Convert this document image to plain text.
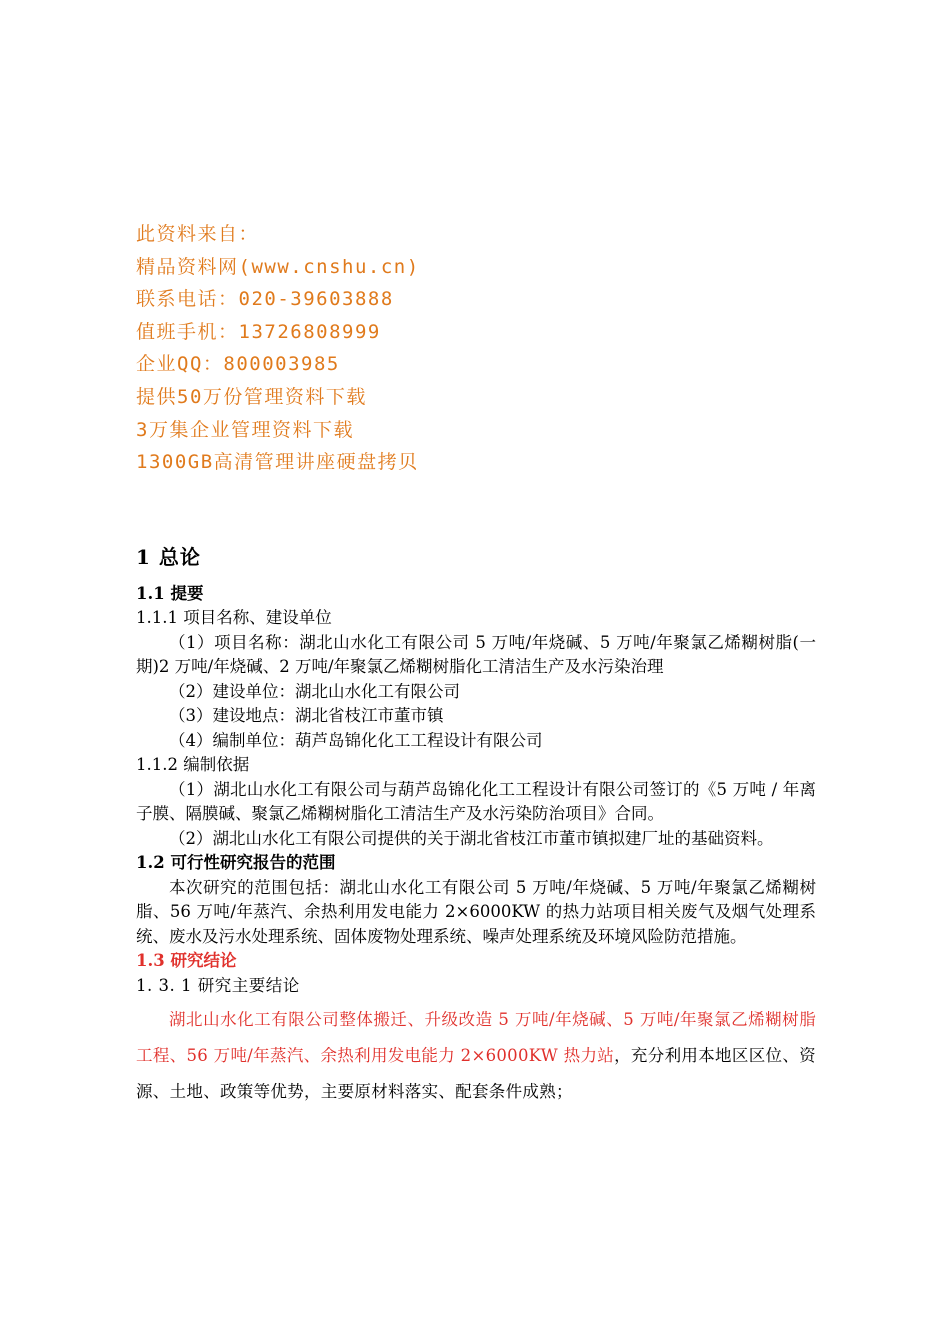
此资料来自：
精品资料网(www.cnshu.cn)
联系电话：020-39603888
值班手机：13726808999
企业QQ：800003985
提供50万份管理资料下载
3万集企业管理资料下载
1300GB高清管理讲座硬盘拷贝
1 总论
1.1 提要
1.1.1 项目名称、建设单位
（1）项目名称：湖北山水化工有限公司 5 万吨/年烧碱、5 万吨/年聚氯乙烯糊树脂(一期)2 万吨/年烧碱、2 万吨/年聚氯乙烯糊树脂化工清洁生产及水污染治理
（2）建设单位：湖北山水化工有限公司
（3）建设地点：湖北省枝江市董市镇
（4）编制单位：葫芦岛锦化化工工程设计有限公司
1.1.2 编制依据
（1）湖北山水化工有限公司与葫芦岛锦化化工工程设计有限公司签订的《5 万吨 / 年离子膜、隔膜碱、聚氯乙烯糊树脂化工清洁生产及水污染防治项目》合同。
（2）湖北山水化工有限公司提供的关于湖北省枝江市董市镇拟建厂址的基础资料。
1.2 可行性研究报告的范围
本次研究的范围包括：湖北山水化工有限公司 5 万吨/年烧碱、5 万吨/年聚氯乙烯糊树脂、56 万吨/年蒸汽、余热利用发电能力 2×6000KW 的热力站项目相关废气及烟气处理系统、废水及污水处理系统、固体废物处理系统、噪声处理系统及环境风险防范措施。
1.3 研究结论
1. 3. 1 研究主要结论
湖北山水化工有限公司整体搬迁、升级改造 5 万吨/年烧碱、5 万吨/年聚氯乙烯糊树脂工程、56 万吨/年蒸汽、余热利用发电能力 2×6000KW 热力站，充分利用本地区区位、资源、土地、政策等优势，主要原材料落实、配套条件成熟；
